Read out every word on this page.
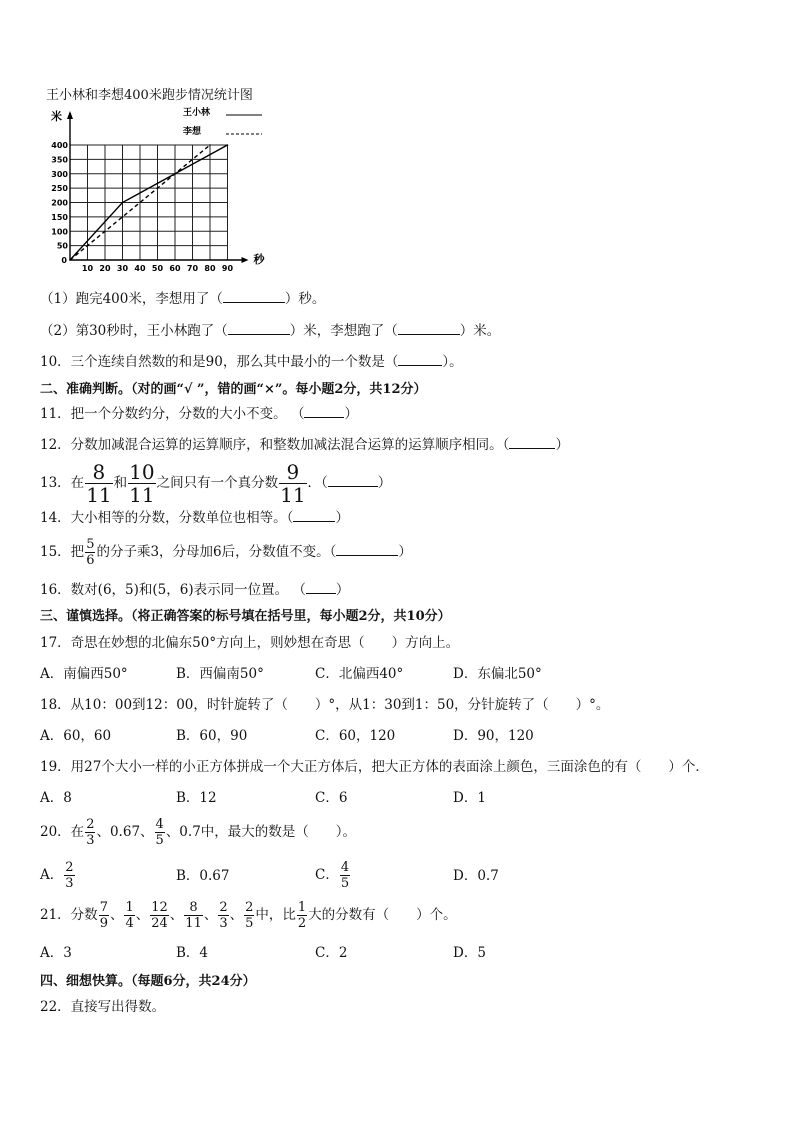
王小林和李想400米跑步情况统计图
米
秒
10 20 30 40 50 60 70 80 90
50
100
150
200
250
300
350
400
0
王小林
李想
（1）跑完400米，李想用了（	）秒。
（2）第30秒时，王小林跑了（	）米，李想跑了（	）米。
10．三个连续自然数的和是90，那么其中最小的一个数是（	）。
二、准确判断。（对的画“√ ”，错的画“×”。每小题2分，共12分）
11．把一个分数约分，分数的大小不变。 （	）
12．分数加减混合运算的运算顺序，和整数加减法混合运算的运算顺序相同。（	）
13．在 $\frac{8}{11}$ 和 $\frac{10}{11}$ 之间只有一个真分数 $\frac{9}{11}$ ．（	）
14．大小相等的分数，分数单位也相等。（	）
15．把 $\frac{5}{6}$ 的分子乘3，分母加6后，分数值不变。（	）
16．数对(6，5)和(5，6)表示同一位置。 （ ）
三、谨慎选择。（将正确答案的标号填在括号里，每小题2分，共10分）
17．奇思在妙想的北偏东50°方向上，则妙想在奇思（　　）方向上。
A．南偏西50°	B．西偏南50°	C．北偏西40°	D．东偏北50°
18．从10：00到12：00，时针旋转了（　　）°，从1：30到1：50，分针旋转了（　　）°。
A．60，60	B．60，90	C．60，120	D．90，120
19．用27个大小一样的小正方体拼成一个大正方体后，把大正方体的表面涂上颜色，三面涂色的有（　　）个．
A．8	B．12	C．6	D．1
20．在 $\frac{2}{3}$ 、0.67、 $\frac{4}{5}$ 、0.7中，最大的数是（　　）。
A． $\frac{2}{3}$	B．0.67	C． $\frac{4}{5}$	D．0.7
21．分数 $\frac{7}{9}$ 、 $\frac{1}{4}$ 、 $\frac{12}{24}$ 、 $\frac{8}{11}$ 、 $\frac{2}{3}$ 、 $\frac{2}{5}$ 中，比 $\frac{1}{2}$ 大的分数有（　　）个。
A．3	B．4	C．2	D．5
四、细想快算。（每题6分，共24分）
22．直接写出得数。
